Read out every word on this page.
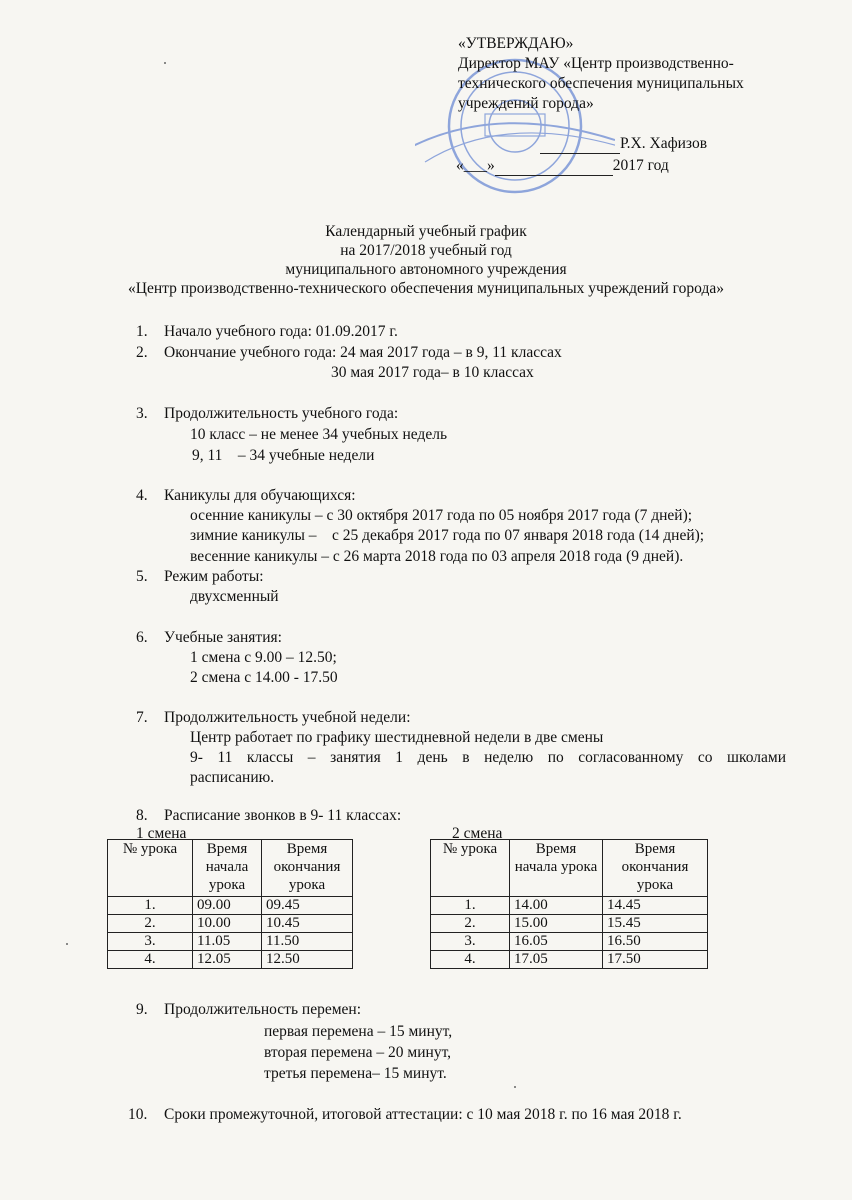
«УТВЕРЖДАЮ»
Директор МАУ «Центр производственно-
технического обеспечения муниципальных
учреждений города»
Р.Х. Хафизов
«___»	2017 год
Календарный учебный график
на 2017/2018 учебный год
муниципального автономного учреждения
«Центр производственно-технического обеспечения муниципальных учреждений города»
1.	Начало учебного года: 01.09.2017 г.
2.	Окончание учебного года: 24 мая 2017 года – в 9, 11 классах
30 мая 2017 года– в 10 классах
3.	Продолжительность учебного года:
10 класс – не менее 34 учебных недель
9, 11    – 34 учебные недели
4.	Каникулы для обучающихся:
осенние каникулы – с 30 октября 2017 года по 05 ноября 2017 года (7 дней);
зимние каникулы –    с 25 декабря 2017 года по 07 января 2018 года (14 дней);
весенние каникулы – с 26 марта 2018 года по 03 апреля 2018 года (9 дней).
5.	Режим работы:
двухсменный
6.	Учебные занятия:
1 смена с 9.00 – 12.50;
2 смена с 14.00 - 17.50
7.	Продолжительность учебной недели:
Центр работает по графику шестидневной недели в две смены
9- 11 классы – занятия 1 день в неделю по согласованному со школами расписанию.
8.	Расписание звонков в 9- 11 классах:
1 смена	2 смена
№ урока	Время начала урока	Время окончания урока
1.	09.00	09.45
2.	10.00	10.45
3.	11.05	11.50
4.	12.05	12.50
№ урока	Время начала урока	Время окончания урока
1.	14.00	14.45
2.	15.00	15.45
3.	16.05	16.50
4.	17.05	17.50
9.	Продолжительность перемен:
первая перемена – 15 минут,
вторая перемена – 20 минут,
третья перемена– 15 минут.
10.	Сроки промежуточной, итоговой аттестации: с 10 мая 2018 г. по 16 мая 2018 г.
